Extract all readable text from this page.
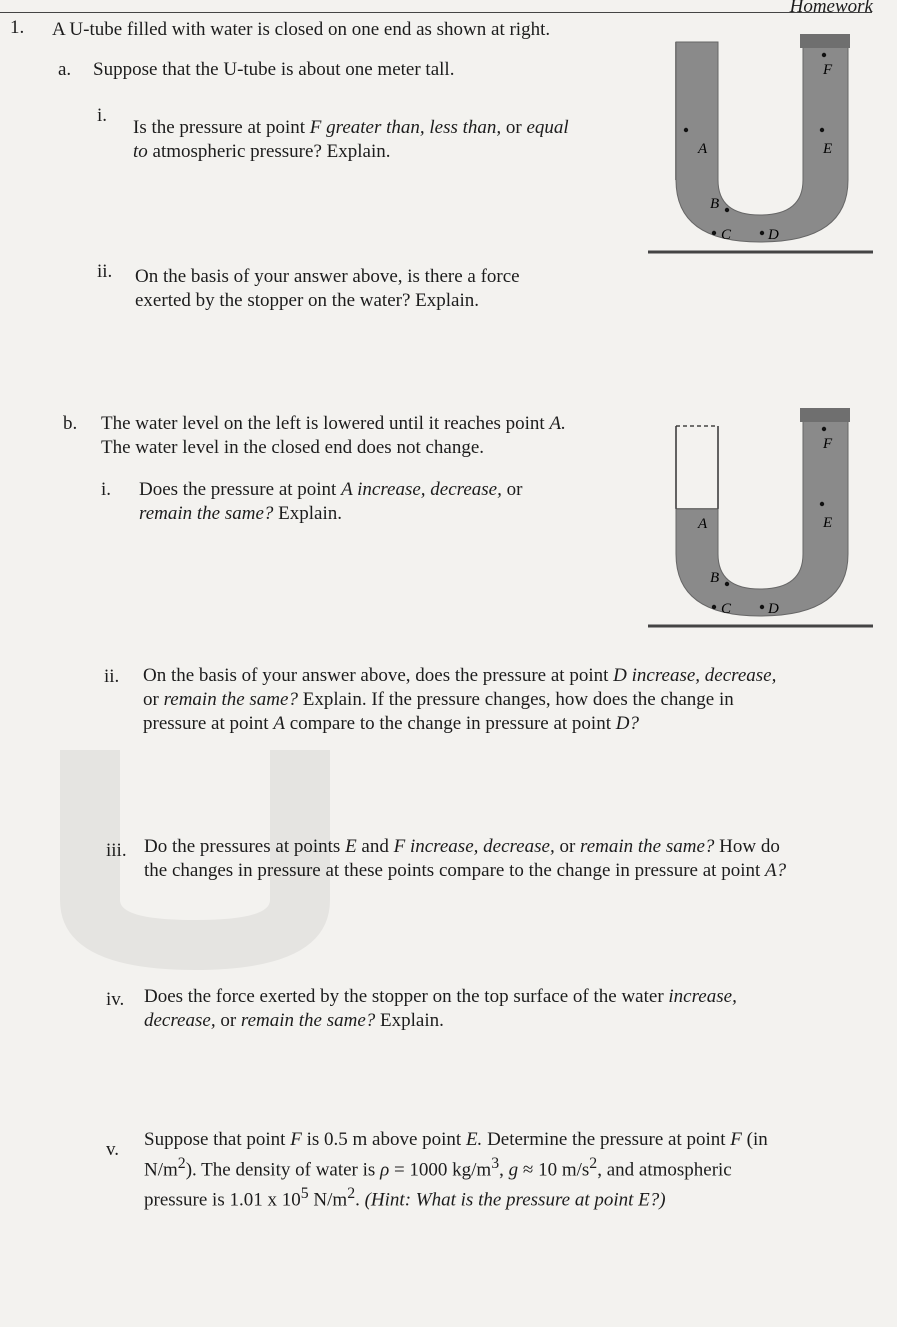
Homework
1. A U-tube filled with water is closed on one end as shown at right.
a. Suppose that the U-tube is about one meter tall.
i.
Is the pressure at point F greater than, less than, or equal
to atmospheric pressure? Explain.
ii. On the basis of your answer above, is there a force
exerted by the stopper on the water? Explain.
b. The water level on the left is lowered until it reaches point A.
The water level in the closed end does not change.
i. Does the pressure at point A increase, decrease, or
remain the same? Explain.
ii. On the basis of your answer above, does the pressure at point D increase, decrease,
or remain the same? Explain. If the pressure changes, how does the change in
pressure at point A compare to the change in pressure at point D?
iii. Do the pressures at points E and F increase, decrease, or remain the same? How do
the changes in pressure at these points compare to the change in pressure at point A?
iv. Does the force exerted by the stopper on the top surface of the water increase,
decrease, or remain the same? Explain.
v. Suppose that point F is 0.5 m above point E. Determine the pressure at point F (in
$N/m^2$). The density of water is ρ = 1000 $kg/m^3$, g ≈ 10 $m/s^2$, and atmospheric
pressure is 1.01 x $10^5$ $N/m^2$. (Hint: What is the pressure at point E?)
A
B
C D
F
E
A
B
C D
F
E
